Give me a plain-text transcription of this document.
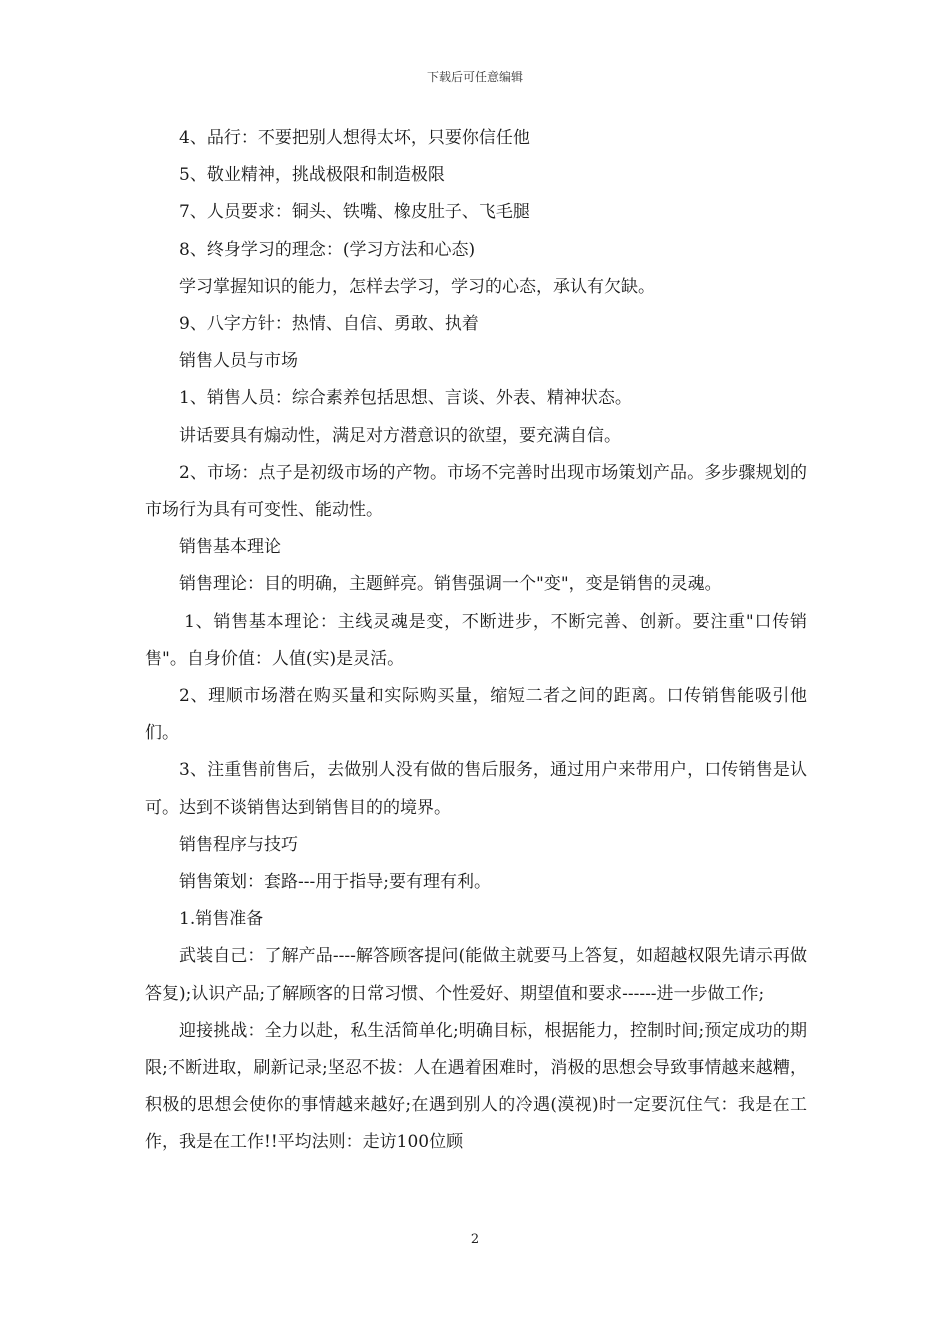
下载后可任意编辑

4、品行：不要把别人想得太坏，只要你信任他

5、敬业精神，挑战极限和制造极限

7、人员要求：铜头、铁嘴、橡皮肚子、飞毛腿

8、终身学习的理念：(学习方法和心态)

学习掌握知识的能力，怎样去学习，学习的心态，承认有欠缺。

9、八字方针：热情、自信、勇敢、执着

销售人员与市场

1、销售人员：综合素养包括思想、言谈、外表、精神状态。

讲话要具有煽动性，满足对方潜意识的欲望，要充满自信。

2、市场：点子是初级市场的产物。市场不完善时出现市场策划产品。多步骤规划的市场行为具有可变性、能动性。

销售基本理论

销售理论：目的明确，主题鲜亮。销售强调一个"变"，变是销售的灵魂。

1、销售基本理论：主线灵魂是变，不断进步，不断完善、创新。要注重"口传销售"。自身价值：人值(实)是灵活。

2、理顺市场潜在购买量和实际购买量，缩短二者之间的距离。口传销售能吸引他们。

3、注重售前售后，去做别人没有做的售后服务，通过用户来带用户，口传销售是认可。达到不谈销售达到销售目的的境界。

销售程序与技巧

销售策划：套路---用于指导;要有理有利。

1.销售准备

武装自己：了解产品----解答顾客提问(能做主就要马上答复，如超越权限先请示再做答复);认识产品;了解顾客的日常习惯、个性爱好、期望值和要求------进一步做工作;

迎接挑战：全力以赴，私生活简单化;明确目标，根据能力，控制时间;预定成功的期限;不断进取，刷新记录;坚忍不拔：人在遇着困难时，消极的思想会导致事情越来越糟，积极的思想会使你的事情越来越好;在遇到别人的冷遇(漠视)时一定要沉住气：我是在工作，我是在工作!!平均法则：走访100位顾

2
